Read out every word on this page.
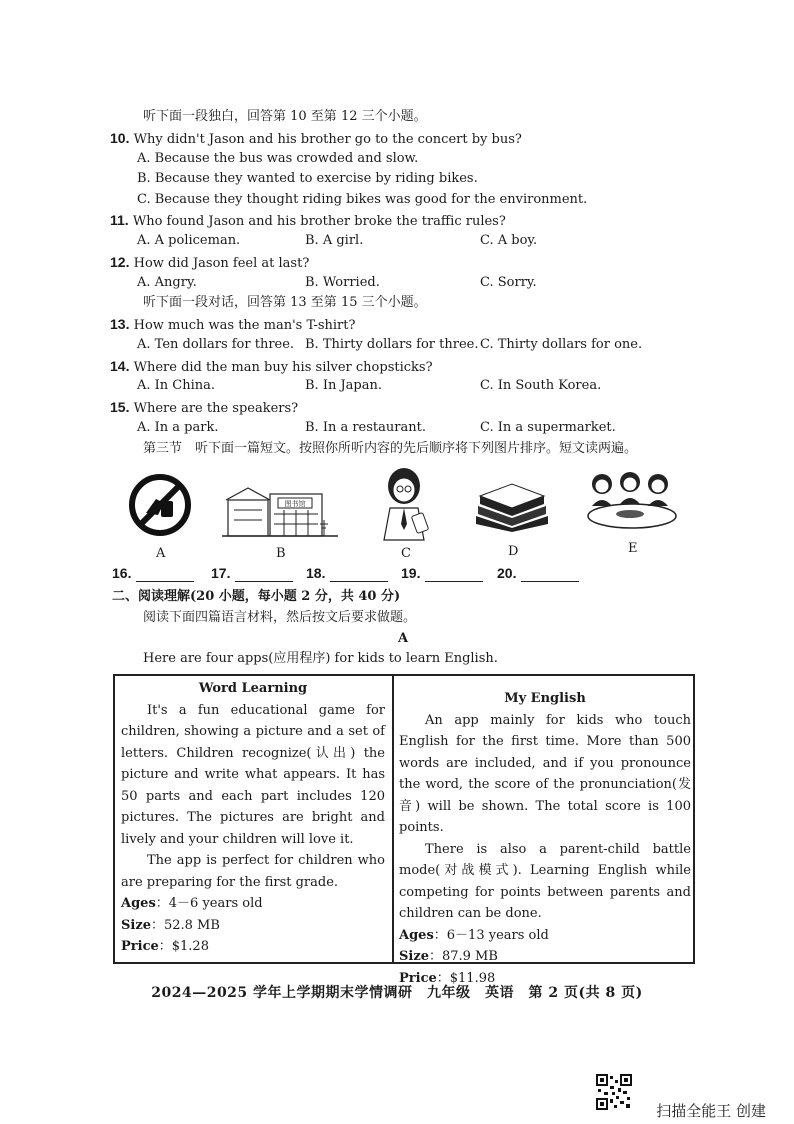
听下面一段独白，回答第 10 至第 12 三个小题。
10. Why didn't Jason and his brother go to the concert by bus?
A. Because the bus was crowded and slow.
B. Because they wanted to exercise by riding bikes.
C. Because they thought riding bikes was good for the environment.
11. Who found Jason and his brother broke the traffic rules?
A. A policeman.	B. A girl.	C. A boy.
12. How did Jason feel at last?
A. Angry.	B. Worried.	C. Sorry.
听下面一段对话，回答第 13 至第 15 三个小题。
13. How much was the man's T-shirt?
A. Ten dollars for three. B. Thirty dollars for three. C. Thirty dollars for one.
14. Where did the man buy his silver chopsticks?
A. In China.	B. In Japan.	C. In South Korea.
15. Where are the speakers?
A. In a park.	B. In a restaurant.	C. In a supermarket.
第三节　听下面一篇短文。按照你所听内容的先后顺序将下列图片排序。短文读两遍。
A
图书馆
B	C	D	E
16.	17.	18.	19.	20.
二、阅读理解(20 小题，每小题 2 分，共 40 分)
阅读下面四篇语言材料，然后按文后要求做题。
A
Here are four apps(应用程序) for kids to learn English.
Word Learning

It's a fun educational game for children, showing a picture and a set of letters. Children recognize(认出) the picture and write what appears. It has 50 parts and each part includes 120 pictures. The pictures are bright and lively and your children will love it.

The app is perfect for children who are preparing for the first grade.

Ages：4－6 years old
Size：52.8 MB
Price：$1.28
My English

An app mainly for kids who touch English for the first time. More than 500 words are included, and if you pronounce the word, the score of the pronunciation(发音) will be shown. The total score is 100 points.

There is also a parent-child battle mode(对战模式). Learning English while competing for points between parents and children can be done.

Ages：6－13 years old
Size：87.9 MB
Price：$11.98
2024—2025 学年上学期期末学情调研　九年级　英语　第 2 页(共 8 页)
扫描全能王 创建
